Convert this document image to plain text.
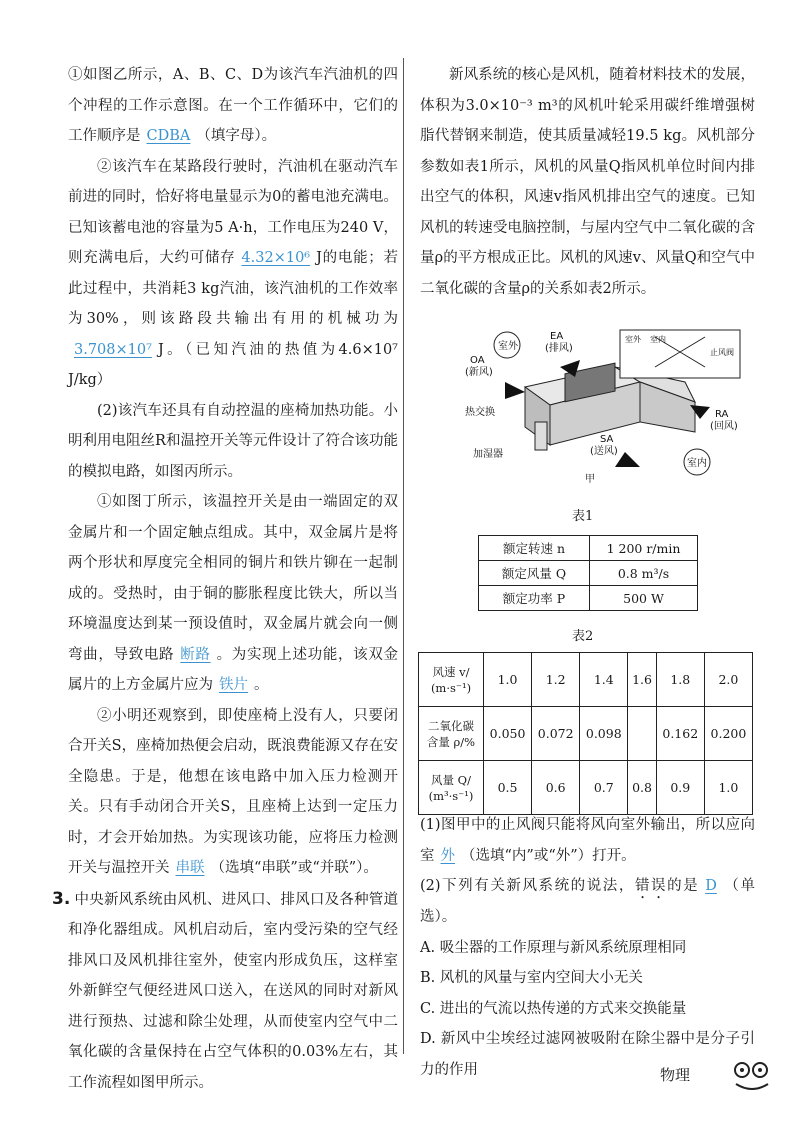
①如图乙所示，A、B、C、D为该汽车汽油机的四个冲程的工作示意图。在一个工作循环中，它们的工作顺序是 CDBA （填字母）。

②该汽车在某路段行驶时，汽油机在驱动汽车前进的同时，恰好将电量显示为0的蓄电池充满电。已知该蓄电池的容量为5 A·h，工作电压为240 V，则充满电后，大约可储存 4.32×10⁶ J的电能；若此过程中，共消耗3 kg汽油，该汽油机的工作效率为30%，则该路段共输出有用的机械功为3.708×10⁷ J。（已知汽油的热值为4.6×10⁷ J/kg）

(2)该汽车还具有自动控温的座椅加热功能。小明利用电阻丝R和温控开关等元件设计了符合该功能的模拟电路，如图丙所示。

①如图丁所示，该温控开关是由一端固定的双金属片和一个固定触点组成。其中，双金属片是将两个形状和厚度完全相同的铜片和铁片铆在一起制成的。受热时，由于铜的膨胀程度比铁大，所以当环境温度达到某一预设值时，双金属片就会向一侧弯曲，导致电路 断路 。为实现上述功能，该双金属片的上方金属片应为 铁片 。

②小明还观察到，即使座椅上没有人，只要闭合开关S，座椅加热便会启动，既浪费能源又存在安全隐患。于是，他想在该电路中加入压力检测开关。只有手动闭合开关S，且座椅上达到一定压力时，才会开始加热。为实现该功能，应将压力检测开关与温控开关 串联 （选填“串联”或“并联”）。

3. 中央新风系统由风机、进风口、排风口及各种管道和净化器组成。风机启动后，室内受污染的空气经排风口及风机排往室外，使室内形成负压，这样室外新鲜空气便经进风口送入，在送风的同时对新风进行预热、过滤和除尘处理，从而使室内空气中二氧化碳的含量保持在占空气体积的0.03%左右，其工作流程如图甲所示。

新风系统的核心是风机，随着材料技术的发展，体积为3.0×10⁻³ m³的风机叶轮采用碳纤维增强树脂代替钢来制造，使其质量减轻19.5 kg。风机部分参数如表1所示，风机的风量Q指风机单位时间内排出空气的体积，风速v指风机排出空气的速度。已知风机的转速受电脑控制，与屋内空气中二氧化碳的含量ρ的平方根成正比。风机的风速v、风量Q和空气中二氧化碳的含量ρ的关系如表2所示。

室外
OA
(新风)
EA
(排风)
热交换
加湿器
SA
(送风)
RA
(回风)
室内
室外 室内
止风阀
甲
表1
额定转速 n	1 200 r/min
额定风量 Q	0.8 m³/s
额定功率 P	500 W
表2
风速 v/
(m·s⁻¹)	1.0	1.2	1.4	1.6	1.8	2.0
二氧化碳
含量 ρ/%	0.050	0.072	0.098		0.162	0.200
风量 Q/
(m³·s⁻¹)	0.5	0.6	0.7	0.8	0.9	1.0

(1)图甲中的止风阀只能将风向室外输出，所以应向室 外 （选填“内”或“外”）打开。

(2)下列有关新风系统的说法，错误的是 D （单选）。

A. 吸尘器的工作原理与新风系统原理相同

B. 风机的风量与室内空间大小无关

C. 进出的气流以热传递的方式来交换能量

D. 新风中尘埃经过滤网被吸附在除尘器中是分子引力的作用	物理
